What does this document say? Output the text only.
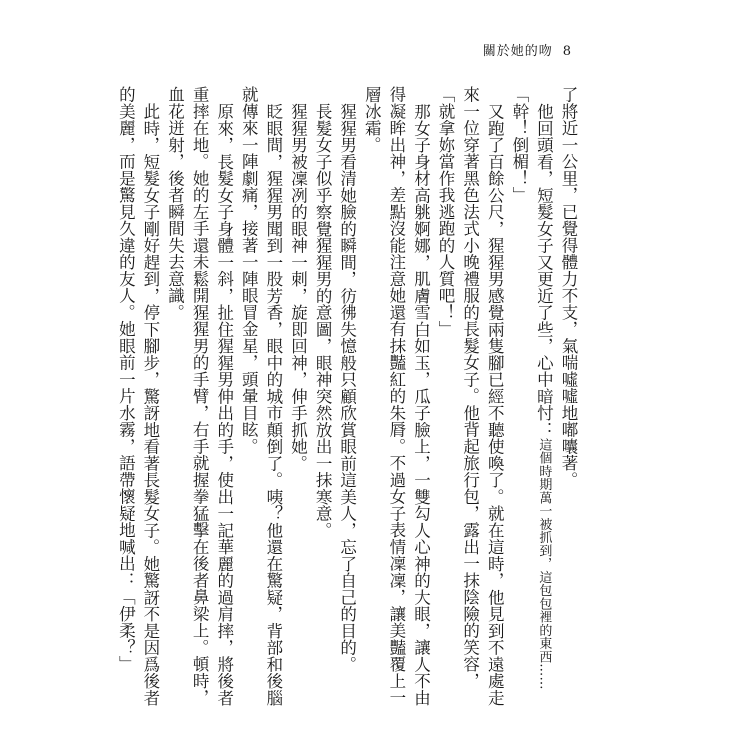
關於她的吻 8

了將近一公里，已覺得體力不支，氣喘噓噓地嘟囔著。

他回頭看，短髮女子又更近了些，心中暗忖：這個時期萬一被抓到，這包包裡的東西……「幹！倒楣！」

又跑了百餘公尺，猩猩男感覺兩隻腳已經不聽使喚了。就在這時，他見到不遠處走來一位穿著黑色法式小晚禮服的長髮女子。他背起旅行包，露出一抹陰險的笑容，「就拿妳當作我逃跑的人質吧！」

那女子身材高䠷婀娜，肌膚雪白如玉，瓜子臉上，一雙勾人心神的大眼，讓人不由得凝眸出神，差點沒能注意她還有抹豔紅的朱脣。不過女子表情凜凜，讓美豔覆上一層冰霜。

猩猩男看清她臉的瞬間，彷彿失憶般只顧欣賞眼前這美人，忘了自己的目的。

長髮女子似乎察覺猩猩男的意圖，眼神突然放出一抹寒意。

猩猩男被凜冽的眼神一刺，旋即回神，伸手抓她。

眨眼間，猩猩男聞到一股芳香，眼中的城市顛倒了。咦？他還在驚疑，背部和後腦就傳來一陣劇痛，接著一陣眼冒金星，頭暈目眩。

原來，長髮女子身體一斜，扯住猩猩男伸出的手，使出一記華麗的過肩摔，將後者重摔在地。她的左手還未鬆開猩猩男的手臂，右手就握拳猛擊在後者鼻梁上。頓時，血花迸射，後者瞬間失去意識。

此時，短髮女子剛好趕到，停下腳步，驚訝地看著長髮女子。她驚訝不是因爲後者的美麗，而是驚見久違的友人。她眼前一片水霧，語帶懷疑地喊出：「伊柔？」
